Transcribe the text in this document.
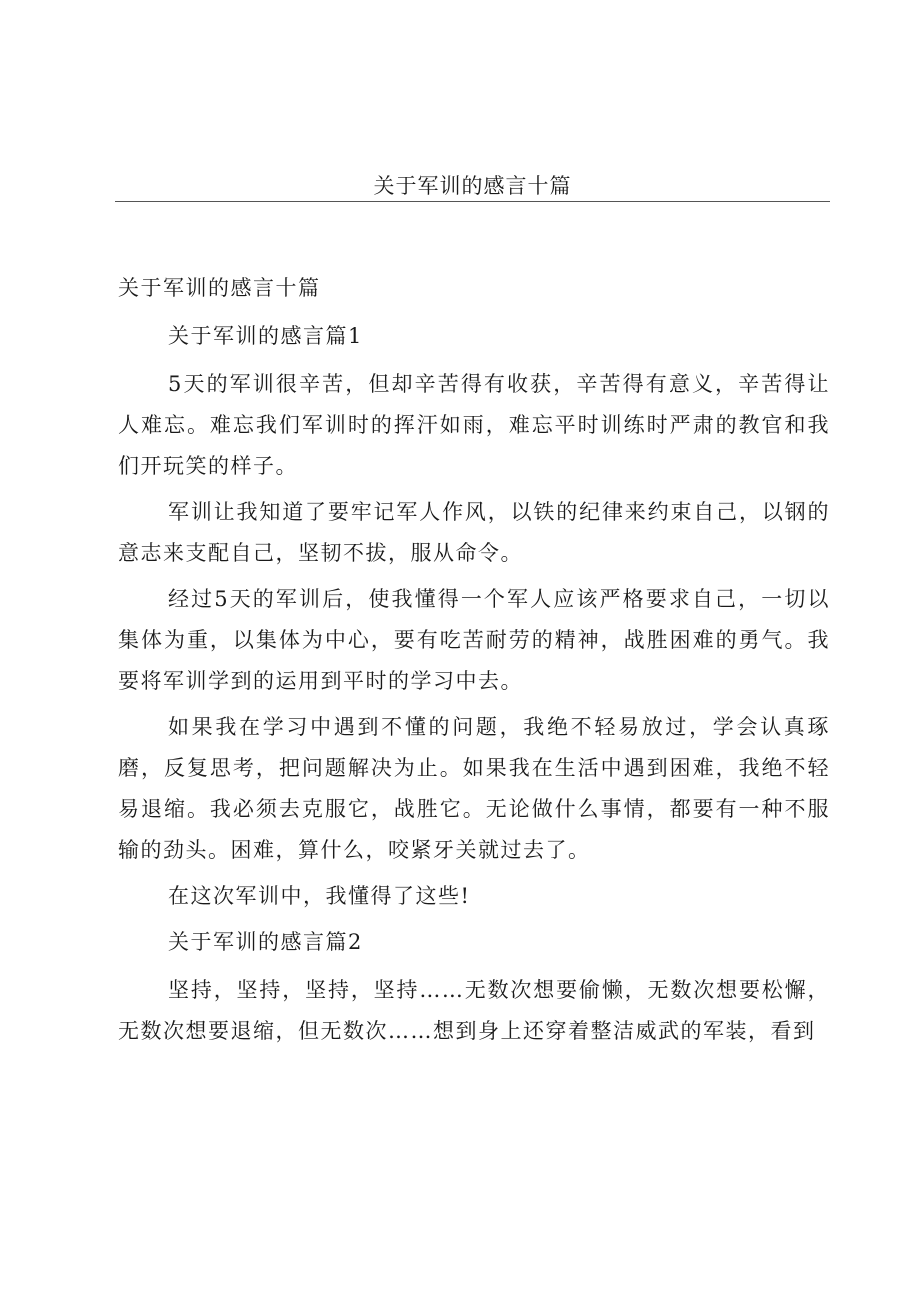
关于军训的感言十篇

关于军训的感言十篇

关于军训的感言篇1

5天的军训很辛苦，但却辛苦得有收获，辛苦得有意义，辛苦得让人难忘。难忘我们军训时的挥汗如雨，难忘平时训练时严肃的教官和我们开玩笑的样子。

军训让我知道了要牢记军人作风，以铁的纪律来约束自己，以钢的意志来支配自己，坚韧不拔，服从命令。

经过5天的军训后，使我懂得一个军人应该严格要求自己，一切以集体为重，以集体为中心，要有吃苦耐劳的精神，战胜困难的勇气。我要将军训学到的运用到平时的学习中去。

如果我在学习中遇到不懂的问题，我绝不轻易放过，学会认真琢磨，反复思考，把问题解决为止。如果我在生活中遇到困难，我绝不轻易退缩。我必须去克服它，战胜它。无论做什么事情，都要有一种不服输的劲头。困难，算什么，咬紧牙关就过去了。

在这次军训中，我懂得了这些!

关于军训的感言篇2

坚持，坚持，坚持，坚持……无数次想要偷懒，无数次想要松懈，无数次想要退缩，但无数次……想到身上还穿着整洁威武的军装，看到
